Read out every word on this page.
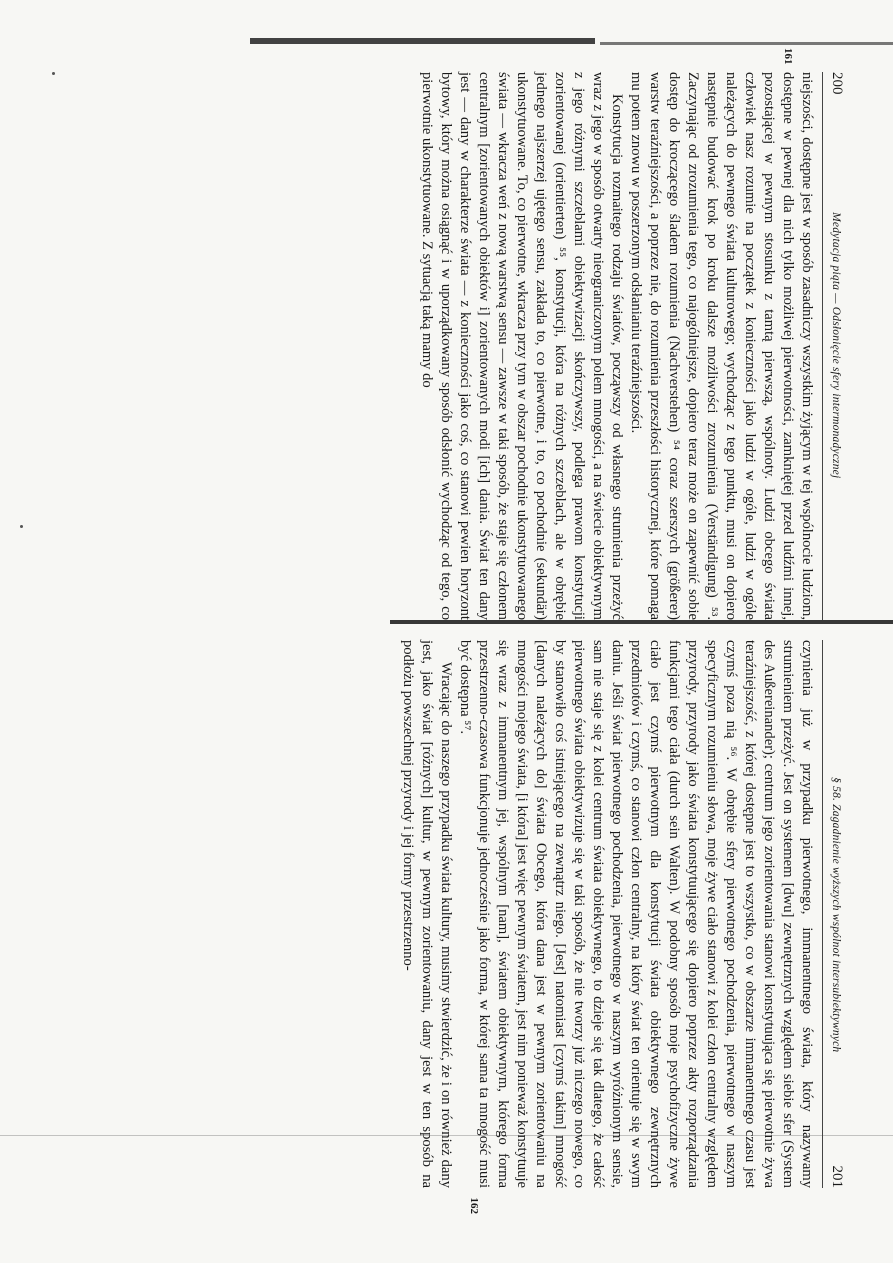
200
Medytacja piąta — Odsłonięcie sfery intermonadycznej
161

niejszości, dostępne jest w sposób zasadniczy wszystkim żyjącym w tej wspólnocie ludziom, dostępne w pewnej dla nich tylko możliwej pierwotności, zamkniętej przed ludźmi innej, pozostającej w pewnym stosunku z tamtą pierwszą, wspólnoty. Ludzi obcego świata człowiek nasz rozumie na początek z konieczności jako ludzi w ogóle, ludzi w ogóle należących do pewnego świata kulturowego; wychodząc z tego punktu, musi on dopiero następnie budować krok po kroku dalsze możliwości zrozumienia (Verständigung) ⁵³. Zaczynając od zrozumienia tego, co najogólniejsze, dopiero teraz może on zapewnić sobie dostęp do kroczącego śladem rozumienia (Nachverstehen) ⁵⁴ coraz szerszych (größerer) warstw teraźniejszości, a poprzez nie, do rozumienia przeszłości historycznej, które pomaga mu potem znowu w poszerzonym odsłanianiu teraźniejszości.

Konstytucja rozmaitego rodzaju światów, począwszy od własnego strumienia przeżyć wraz z jego w sposób otwarty nieograniczonym polem mnogości, a na świecie obiektywnym z jego różnymi szczeblami obiektywizacji skończywszy, podlega prawom konstytucji zorientowanej (orientierten) ⁵⁵, konstytucji, która na różnych szczeblach, ale w obrębie jednego najszerzej ujętego sensu, zakłada to, co pierwotne, i to, co pochodnie (sekundär) ukonstytuowane. To, co pierwotne, wkracza przy tym w obszar pochodnie ukonstytuowanego świata — wkracza weń z nową warstwą sensu — zawsze w taki sposób, że staje się członem centralnym [zorientowanych obiektów i] zorientowanych modi [ich] dania. Świat ten dany jest — dany w charakterze świata — z konieczności jako coś, co stanowi pewien horyzont bytowy, który można osiągnąć i w uporządkowany sposób odsłonić wychodząc od tego, co pierwotnie ukonstytuowane. Z sytuacją taką mamy do

§ 58. Zagadnienie wyższych wspólnot intersubiektywnych
201
162

czynienia już w przypadku pierwotnego, immanentnego świata, który nazywamy strumieniem przeżyć. Jest on systemem [dwu] zewnętrznych względem siebie sfer (System des Außereinander); centrum jego zorientowania stanowi konstytuująca się pierwotnie żywa teraźniejszość, z której dostępne jest to wszystko, co w obszarze immanentnego czasu jest czymś poza nią ⁵⁶. W obrębie sfery pierwotnego pochodzenia, pierwotnego w naszym specyficznym rozumieniu słowa, moje żywe ciało stanowi z kolei człon centralny względem przyrody, przyrody jako świata konstytuującego się dopiero poprzez akty rozporządzania funkcjami tego ciała (durch sein Walten). W podobny sposób moje psychofizyczne żywe ciało jest czymś pierwotnym dla konstytucji świata obiektywnego zewnętrznych przedmiotów i czymś, co stanowi człon centralny, na który świat ten orientuje się w swym daniu. Jeśli świat pierwotnego pochodzenia, pierwotnego w naszym wyróżnionym sensie, sam nie staje się z kolei centrum świata obiektywnego, to dzieje się tak dlatego, że całość pierwotnego świata obiektywizuje się w taki sposób, że nie tworzy już niczego nowego, co by stanowiło coś istniejącego na zewnątrz niego. [Jest] natomiast [czymś takim] mnogość [danych należących do] świata Obcego, która dana jest w pewnym zorientowaniu na mnogości mojego świata, [i która] jest więc pewnym światem, jest nim ponieważ konstytuuje się wraz z immanentnym jej, wspólnym [nam], światem obiektywnym, którego forma przestrzenno-czasowa funkcjonuje jednocześnie jako forma, w której sama ta mnogość musi być dostępna ⁵⁷.

Wracając do naszego przypadku świata kultury, musimy stwierdzić, że i on również dany jest, jako świat [różnych] kultur, w pewnym zorientowaniu, dany jest w ten sposób na podłożu powszechnej przyrody i jej formy przestrzenno-
